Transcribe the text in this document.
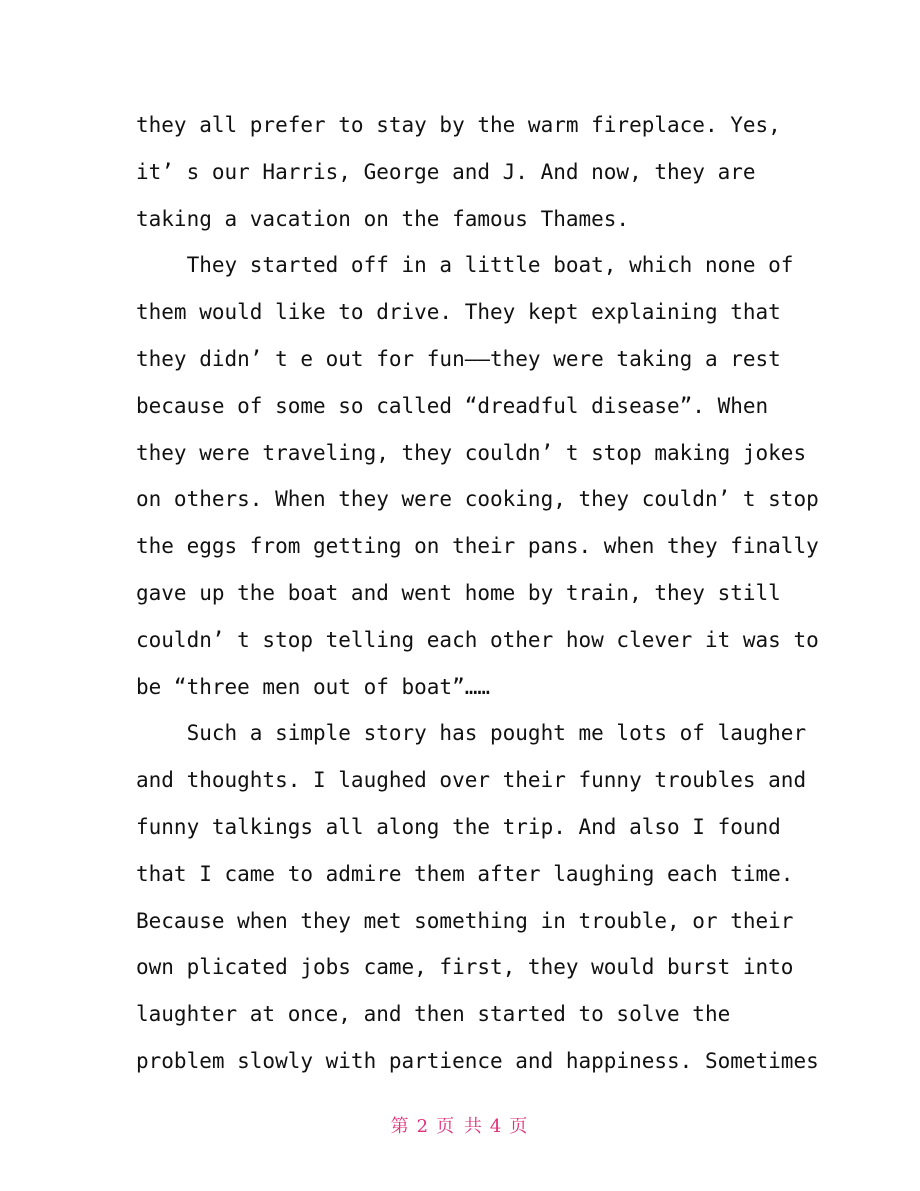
they all prefer to stay by the warm fireplace. Yes,
it’ s our Harris, George and J. And now, they are
taking a vacation on the famous Thames.
They started off in a little boat, which none of
them would like to drive. They kept explaining that
they didn’ t e out for fun——they were taking a rest
because of some so called “dreadful disease”. When
they were traveling, they couldn’ t stop making jokes
on others. When they were cooking, they couldn’ t stop
the eggs from getting on their pans. when they finally
gave up the boat and went home by train, they still
couldn’ t stop telling each other how clever it was to
be “three men out of boat”……
Such a simple story has pought me lots of laugher
and thoughts. I laughed over their funny troubles and
funny talkings all along the trip. And also I found
that I came to admire them after laughing each time.
Because when they met something in trouble, or their
own plicated jobs came, first, they would burst into
laughter at once, and then started to solve the
problem slowly with partience and happiness. Sometimes
第 2 页 共 4 页
